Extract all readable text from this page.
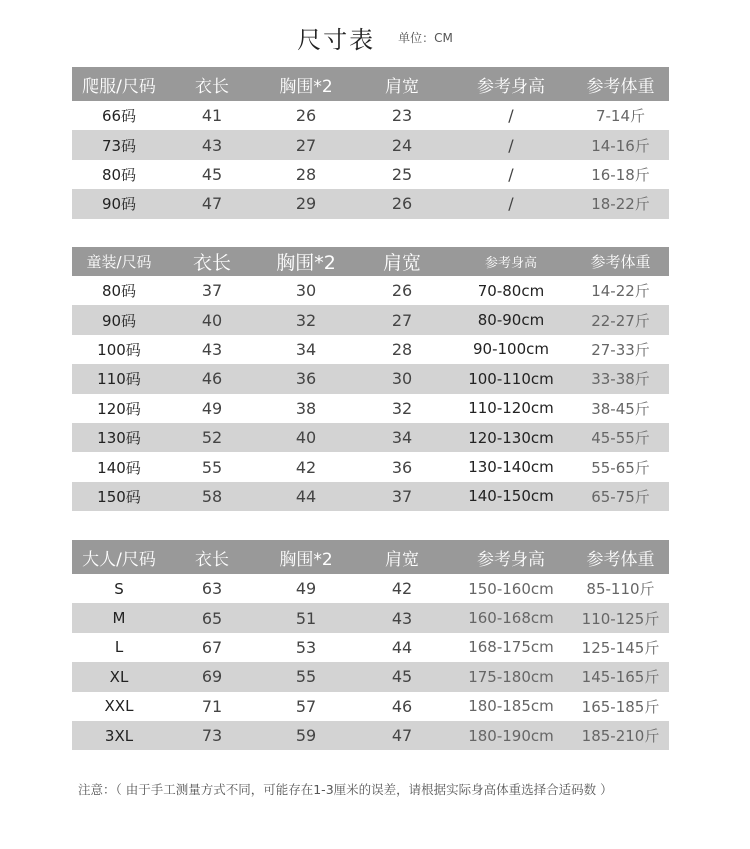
尺寸表 单位：CM
爬服/尺码	衣长	胸围*2	肩宽	参考身高	参考体重
66码	41	26	23	/	7-14斤
73码	43	27	24	/	14-16斤
80码	45	28	25	/	16-18斤
90码	47	29	26	/	18-22斤
童装/尺码	衣长	胸围*2	肩宽	参考身高	参考体重
80码	37	30	26	70-80cm	14-22斤
90码	40	32	27	80-90cm	22-27斤
100码	43	34	28	90-100cm	27-33斤
110码	46	36	30	100-110cm	33-38斤
120码	49	38	32	110-120cm	38-45斤
130码	52	40	34	120-130cm	45-55斤
140码	55	42	36	130-140cm	55-65斤
150码	58	44	37	140-150cm	65-75斤
大人/尺码	衣长	胸围*2	肩宽	参考身高	参考体重
S	63	49	42	150-160cm	85-110斤
M	65	51	43	160-168cm	110-125斤
L	67	53	44	168-175cm	125-145斤
XL	69	55	45	175-180cm	145-165斤
XXL	71	57	46	180-185cm	165-185斤
3XL	73	59	47	180-190cm	185-210斤
注意：（ 由于手工测量方式不同，可能存在1-3厘米的误差，请根据实际身高体重选择合适码数 ）
